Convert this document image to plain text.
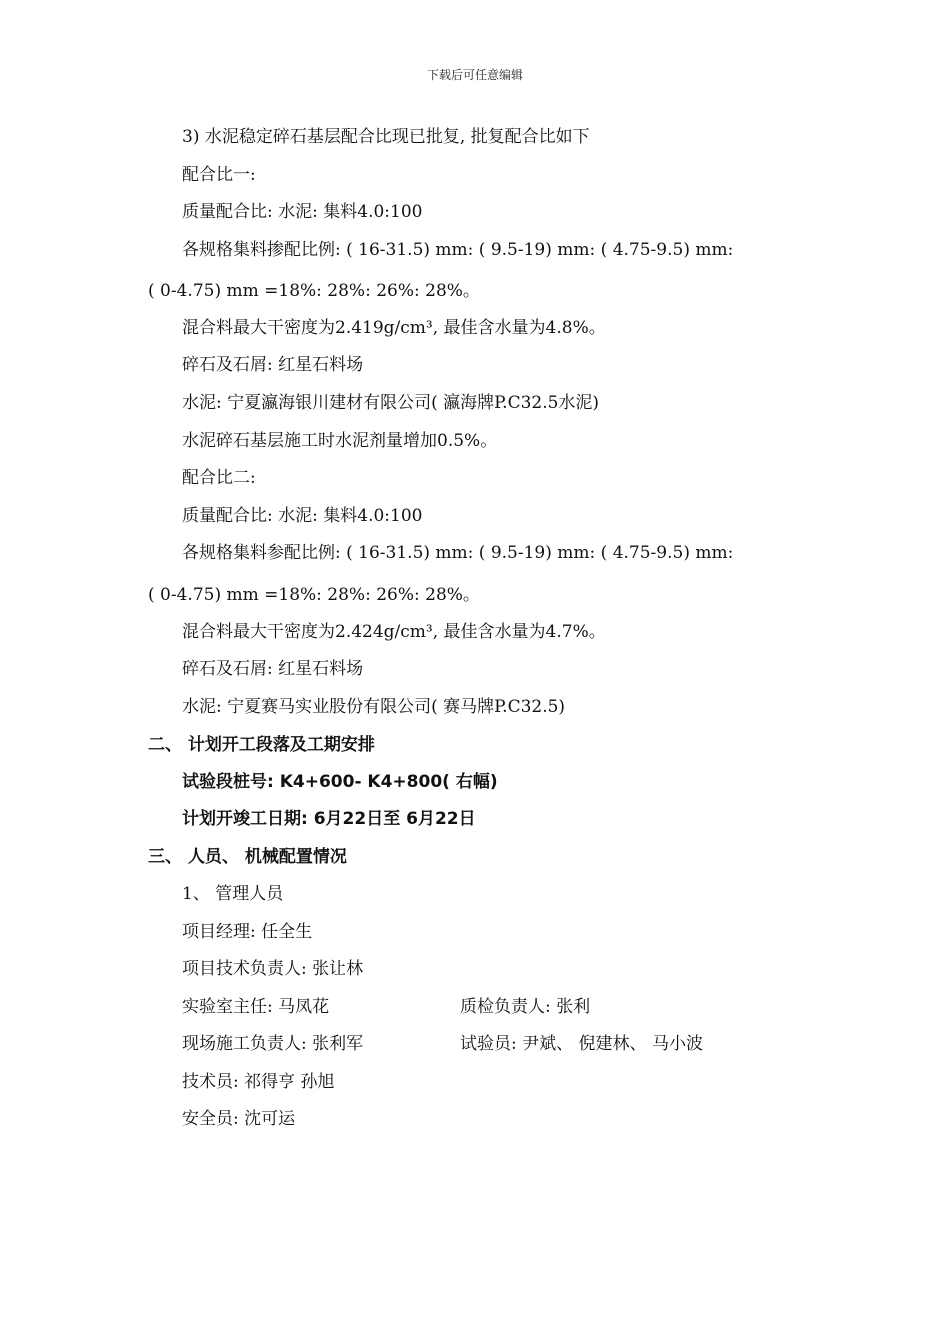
下载后可任意编辑
3) 水泥稳定碎石基层配合比现已批复, 批复配合比如下
配合比一:
质量配合比: 水泥: 集料4.0:100
各规格集料掺配比例: ( 16-31.5) mm: ( 9.5-19) mm: ( 4.75-9.5) mm:
( 0-4.75) mm =18%: 28%: 26%: 28%。
混合料最大干密度为2.419g/cm³, 最佳含水量为4.8%。
碎石及石屑: 红星石料场
水泥: 宁夏瀛海银川建材有限公司( 瀛海牌P.C32.5水泥)
水泥碎石基层施工时水泥剂量增加0.5%。
配合比二:
质量配合比: 水泥: 集料4.0:100
各规格集料参配比例: ( 16-31.5) mm: ( 9.5-19) mm: ( 4.75-9.5) mm:
( 0-4.75) mm =18%: 28%: 26%: 28%。
混合料最大干密度为2.424g/cm³, 最佳含水量为4.7%。
碎石及石屑: 红星石料场
水泥: 宁夏赛马实业股份有限公司( 赛马牌P.C32.5)
二、 计划开工段落及工期安排
试验段桩号: K4+600- K4+800( 右幅)
计划开竣工日期: 6月22日至 6月22日
三、 人员、 机械配置情况
1、 管理人员
项目经理: 任全生
项目技术负责人: 张让林
实验室主任: 马凤花	质检负责人: 张利
现场施工负责人: 张利军	试验员: 尹斌、 倪建林、 马小波
技术员: 祁得亨 孙旭
安全员: 沈可运
